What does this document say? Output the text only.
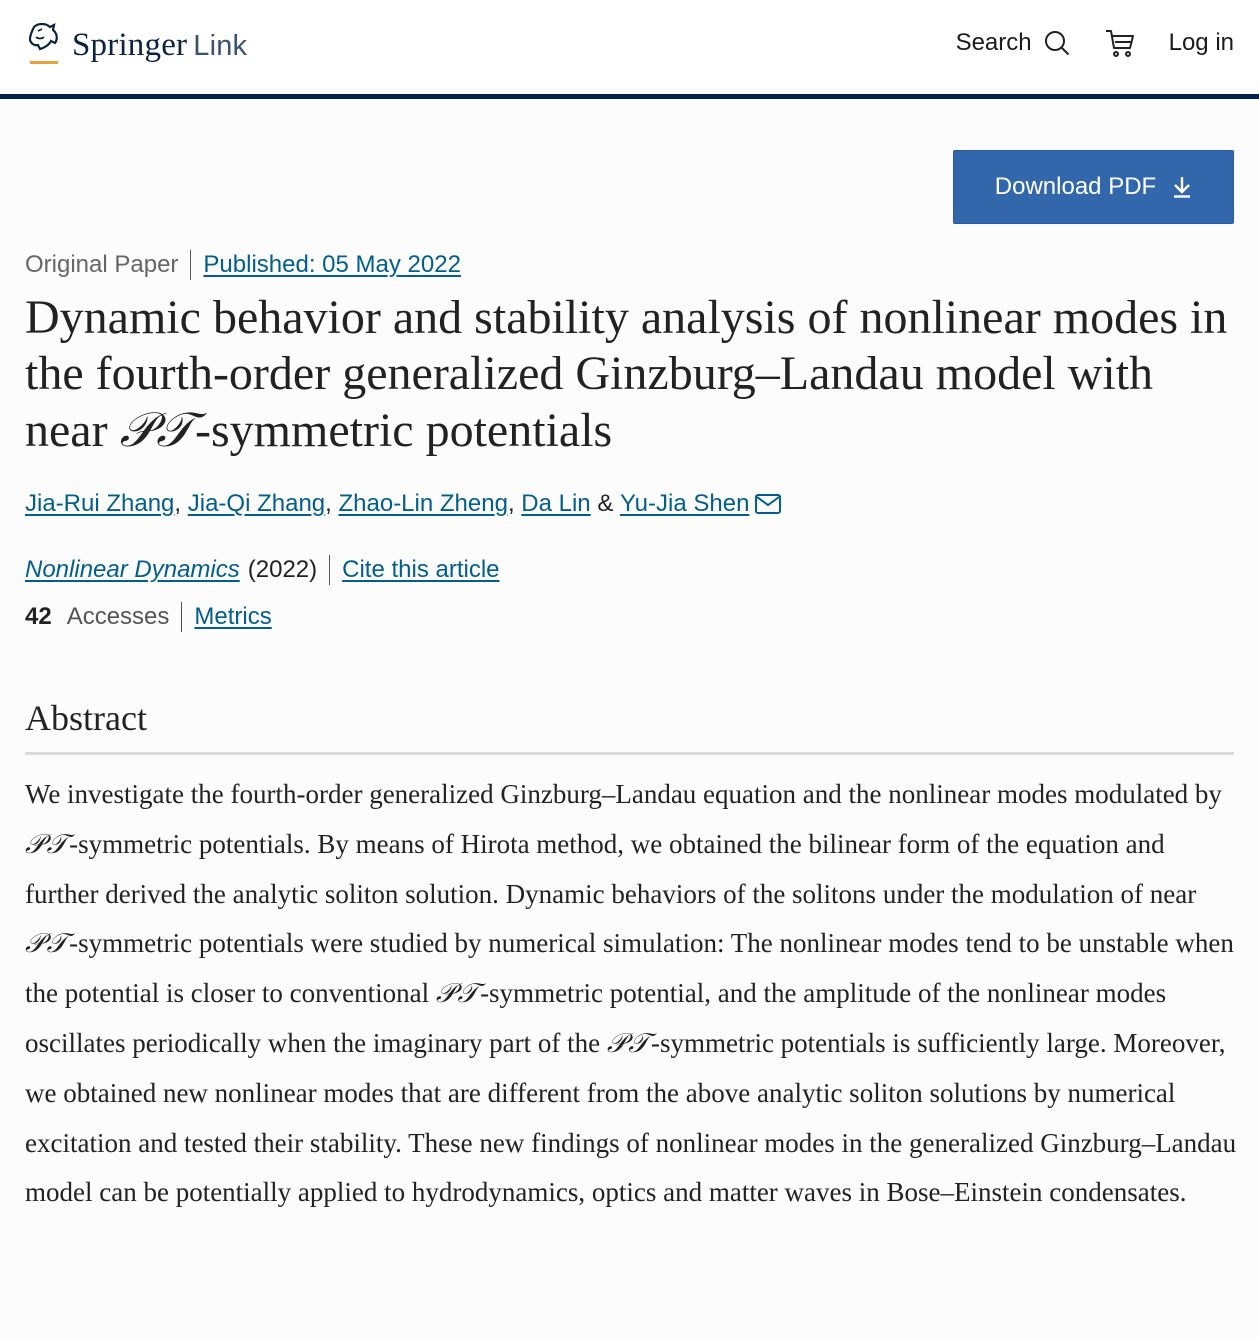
Springer Link	Search	Log in
Download PDF
Original Paper Published: 05 May 2022
Dynamic behavior and stability analysis of nonlinear modes in the fourth-order generalized Ginzburg–Landau model with near 𝒫𝒯-symmetric potentials
Jia-Rui Zhang , Jia-Qi Zhang , Zhao-Lin Zheng , Da Lin & Yu-Jia Shen
Nonlinear Dynamics (2022) Cite this article
42 Accesses Metrics
Abstract

We investigate the fourth-order generalized Ginzburg–Landau equation and the nonlinear modes modulated by 𝒫𝒯-symmetric potentials. By means of Hirota method, we obtained the bilinear form of the equation and further derived the analytic soliton solution. Dynamic behaviors of the solitons under the modulation of near 𝒫𝒯-symmetric potentials were studied by numerical simulation: The nonlinear modes tend to be unstable when the potential is closer to conventional 𝒫𝒯-symmetric potential, and the amplitude of the nonlinear modes oscillates periodically when the imaginary part of the 𝒫𝒯-symmetric potentials is sufficiently large. Moreover, we obtained new nonlinear modes that are different from the above analytic soliton solutions by numerical excitation and tested their stability. These new findings of nonlinear modes in the generalized Ginzburg–Landau model can be potentially applied to hydrodynamics, optics and matter waves in Bose–Einstein condensates.
